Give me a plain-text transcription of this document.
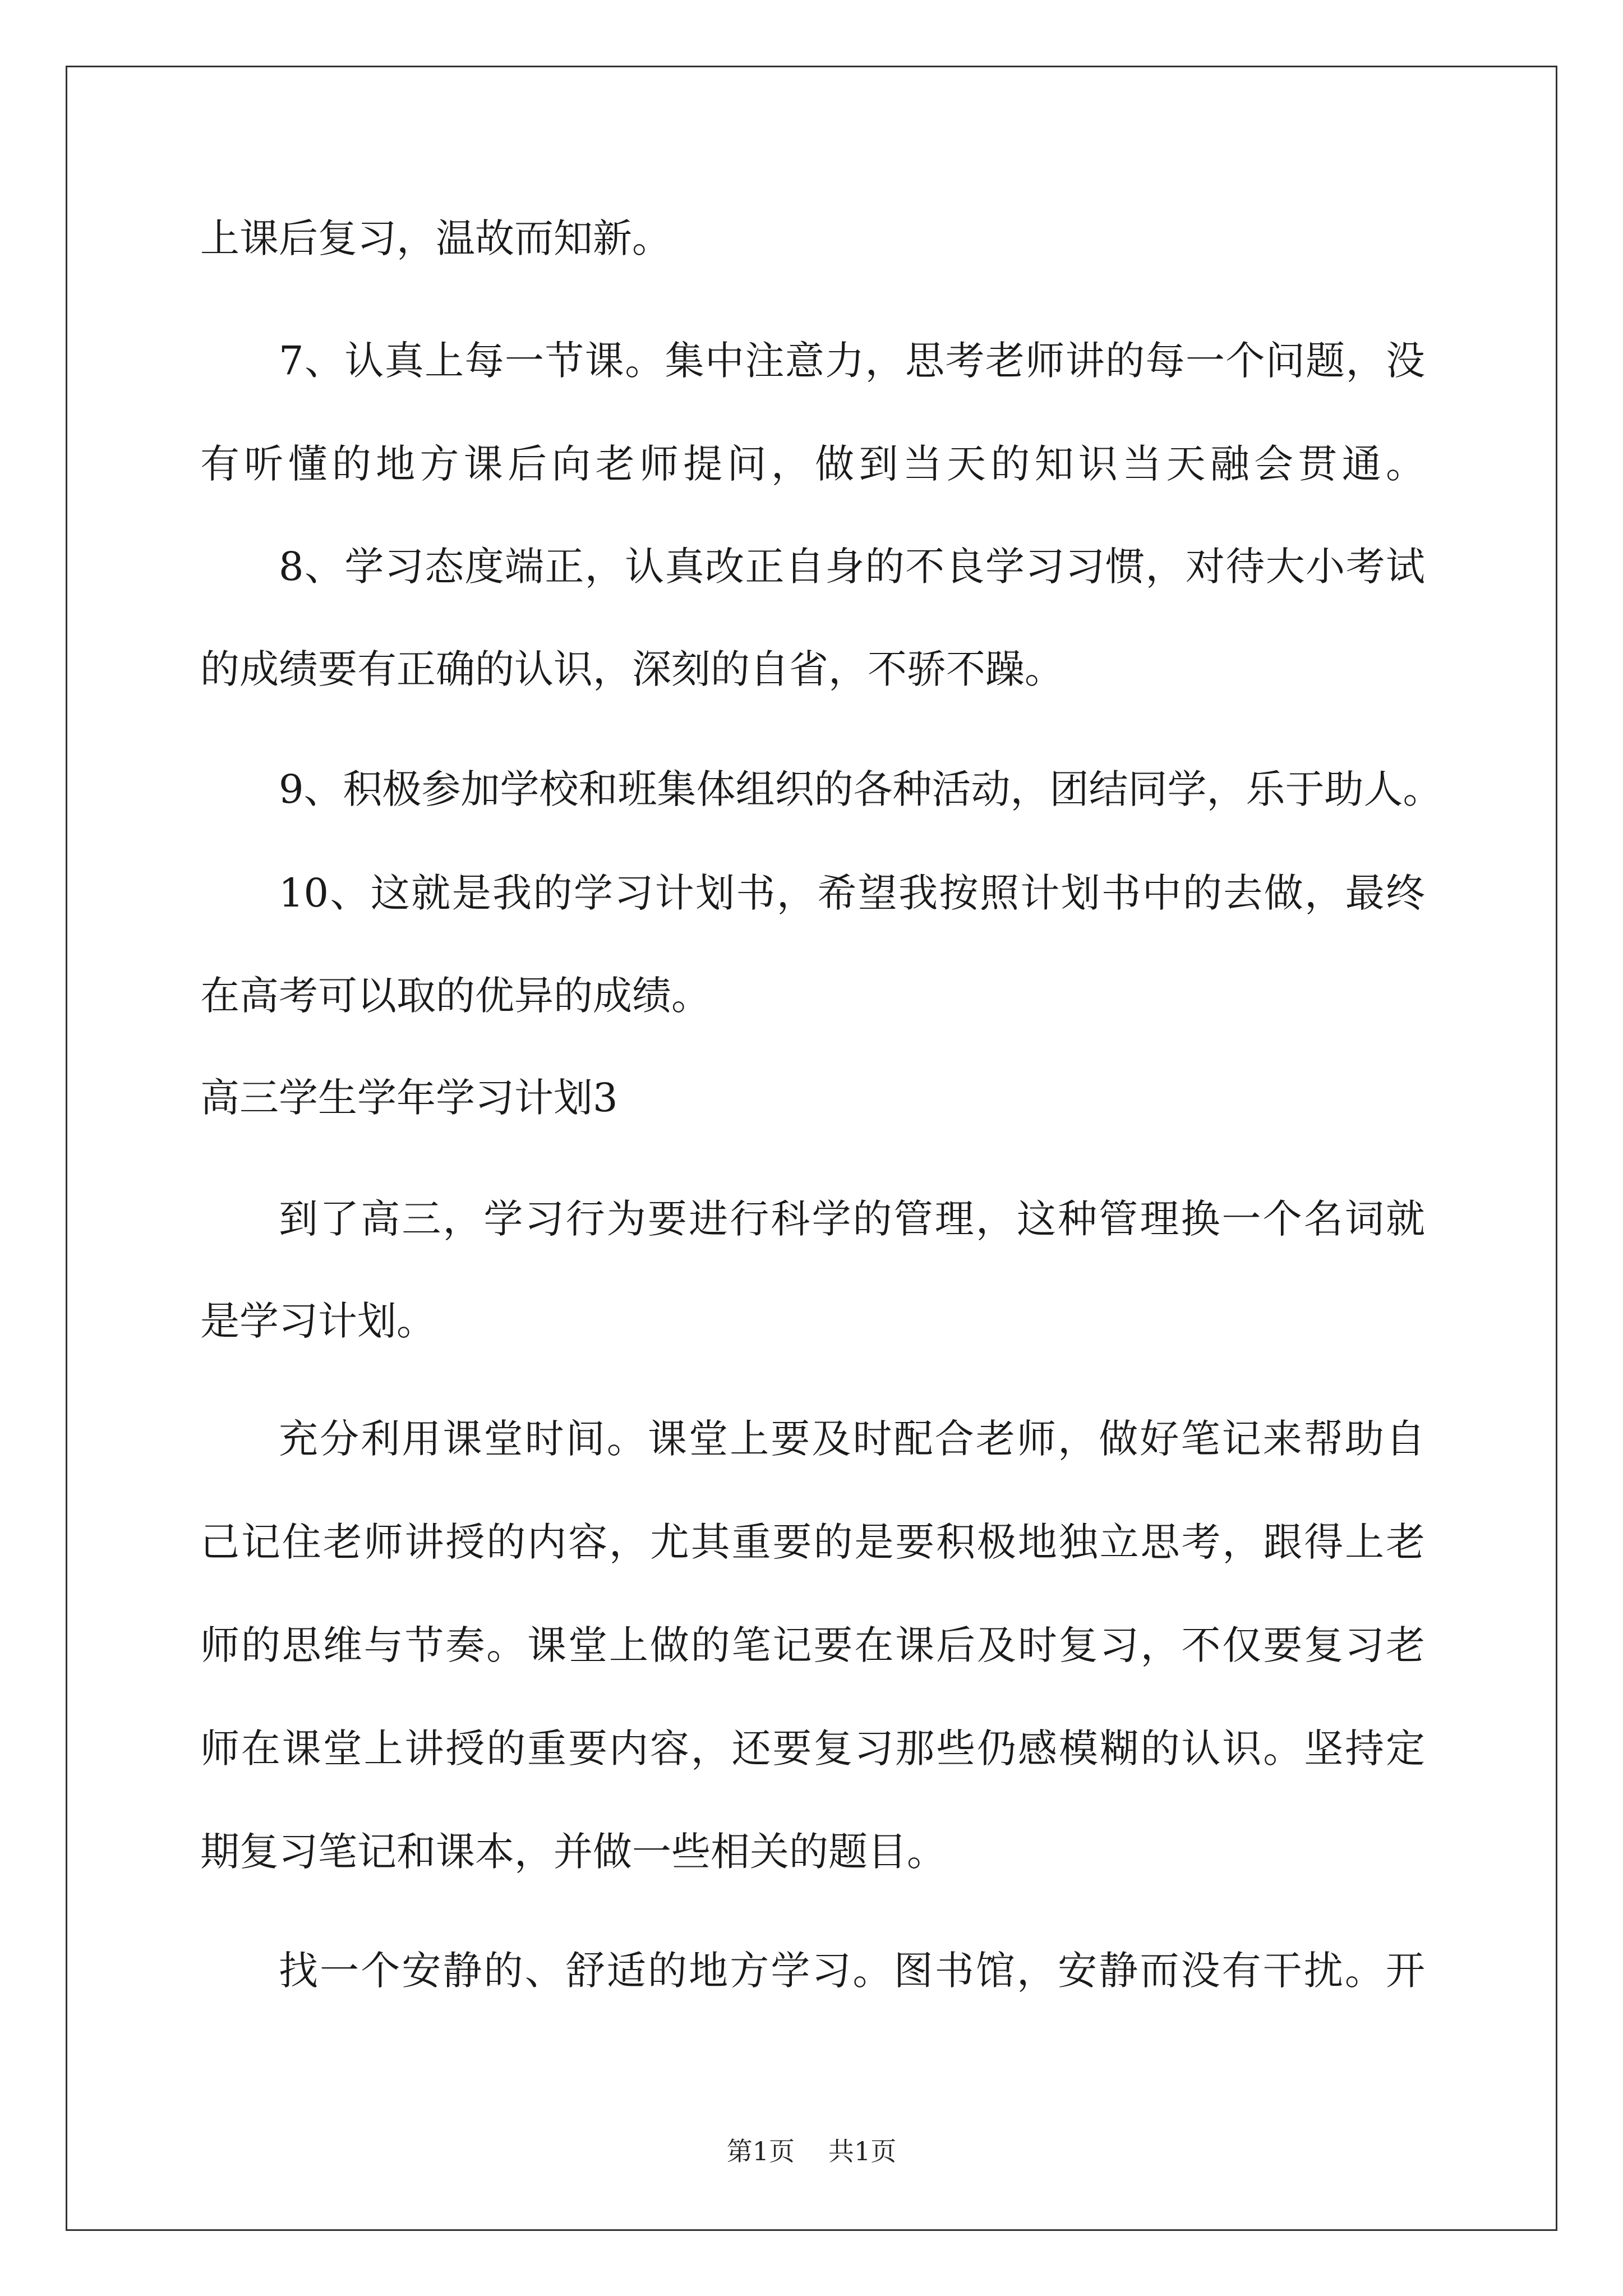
上课后复习，温故而知新。
7、认真上每一节课。集中注意力，思考老师讲的每一个问题，没
有听懂的地方课后向老师提问，做到当天的知识当天融会贯通。
8、学习态度端正，认真改正自身的不良学习习惯，对待大小考试
的成绩要有正确的认识，深刻的自省，不骄不躁。
9、积极参加学校和班集体组织的各种活动，团结同学，乐于助人。
10、这就是我的学习计划书，希望我按照计划书中的去做，最终
在高考可以取的优异的成绩。
高三学生学年学习计划3
到了高三，学习行为要进行科学的管理，这种管理换一个名词就
是学习计划。
充分利用课堂时间。课堂上要及时配合老师，做好笔记来帮助自
己记住老师讲授的内容，尤其重要的是要积极地独立思考，跟得上老
师的思维与节奏。课堂上做的笔记要在课后及时复习，不仅要复习老
师在课堂上讲授的重要内容，还要复习那些仍感模糊的认识。坚持定
期复习笔记和课本，并做一些相关的题目。
找一个安静的、舒适的地方学习。图书馆，安静而没有干扰。开
第1页 共1页
